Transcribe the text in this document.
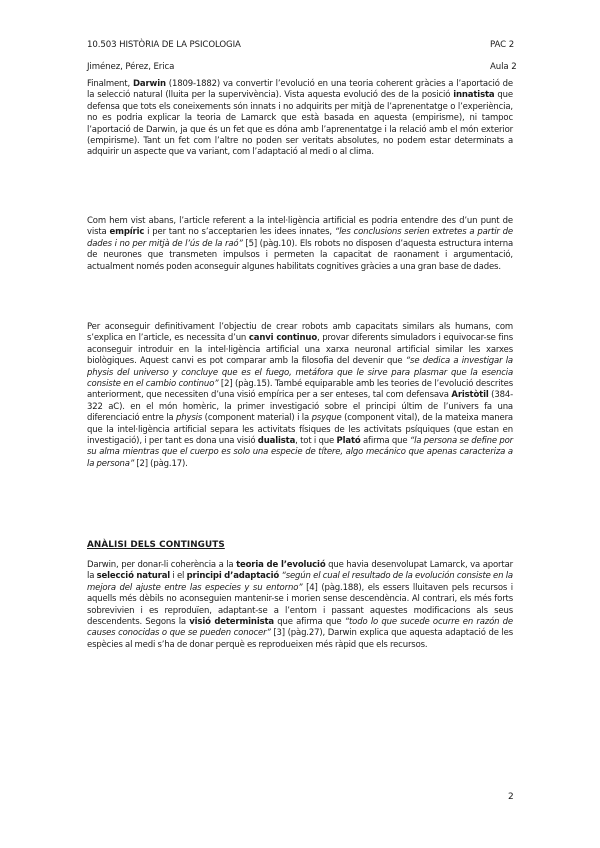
10.503 HISTÒRIA DE LA PSICOLOGIA	PAC 2
Jiménez, Pérez, Erica	Aula 2
Finalment, Darwin (1809-1882) va convertir l’evolució en una teoria coherent gràcies a l’aportació de la selecció natural (lluita per la supervivència). Vista aquesta evolució des de la posició innatista que defensa que tots els coneixements són innats i no adquirits per mitjà de l’aprenentatge o l’experiència, no es podria explicar la teoria de Lamarck que està basada en aquesta (empirisme), ni tampoc l’aportació de Darwin, ja que és un fet que es dóna amb l’aprenentatge i la relació amb el món exterior (empirisme). Tant un fet com l’altre no poden ser veritats absolutes, no podem estar determinats a adquirir un aspecte que va variant, com l’adaptació al medi o al clima.
Com hem vist abans, l’article referent a la intel·ligència artificial es podria entendre des d’un punt de vista empíric i per tant no s’acceptarien les idees innates, “les conclusions serien extretes a partir de dades i no per mitjà de l’ús de la raó” [5] (pàg.10). Els robots no disposen d’aquesta estructura interna de neurones que transmeten impulsos i permeten la capacitat de raonament i argumentació, actualment només poden aconseguir algunes habilitats cognitives gràcies a una gran base de dades.
Per aconseguir definitivament l’objectiu de crear robots amb capacitats similars als humans, com s’explica en l’article, es necessita d’un canvi continuo, provar diferents simuladors i equivocar-se fins aconseguir introduir en la intel·ligència artificial una xarxa neuronal artificial similar les xarxes biològiques. Aquest canvi es pot comparar amb la filosofia del devenir que “se dedica a investigar la physis del universo y concluye que es el fuego, metáfora que le sirve para plasmar que la esencia consiste en el cambio continuo” [2] (pàg.15). També equiparable amb les teories de l’evolució descrites anteriorment, que necessiten d’una visió empírica per a ser enteses, tal com defensava Aristòtil (384-322 aC). en el món homèric, la primer investigació sobre el principi últim de l’univers fa una diferenciació entre la physis (component material) i la psyque (component vital), de la mateixa manera que la intel·ligència artificial separa les activitats físiques de les activitats psíquiques (que estan en investigació), i per tant es dona una visió dualista, tot i que Plató afirma que “la persona se define por su alma mientras que el cuerpo es solo una especie de títere, algo mecánico que apenas caracteriza a la persona” [2] (pàg.17).
ANÀLISI DELS CONTINGUTS
Darwin, per donar-li coherència a la teoria de l’evolució que havia desenvolupat Lamarck, va aportar la selecció natural i el principi d’adaptació “según el cual el resultado de la evolución consiste en la mejora del ajuste entre las especies y su entorno” [4] (pàg.188), els essers lluitaven pels recursos i aquells més dèbils no aconseguien mantenir-se i morien sense descendència. Al contrari, els més forts sobrevivien i es reproduïen, adaptant-se a l’entorn i passant aquestes modificacions als seus descendents. Segons la visió determinista que afirma que “todo lo que sucede ocurre en razón de causes conocidas o que se pueden conocer” [3] (pàg.27), Darwin explica que aquesta adaptació de les espècies al medi s’ha de donar perquè es reprodueixen més ràpid que els recursos.
2
